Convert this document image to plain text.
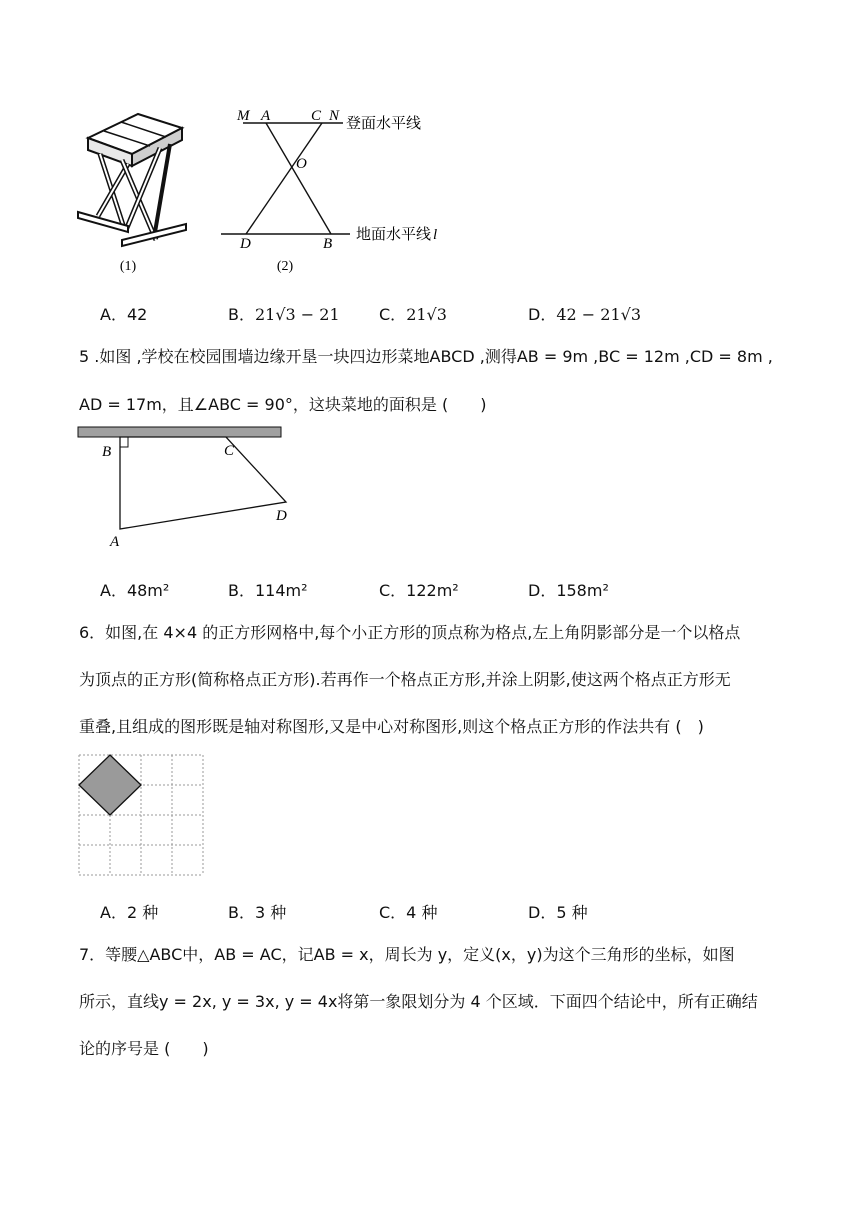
(1)
M A	C N
O
D	B
登面水平线
地面水平线 l
(2)
A．42	B．21√3 − 21 C．21√3	D．42 − 21√3
5 .如图 ,学校在校园围墙边缘开垦一块四边形菜地ABCD ,测得AB = 9m ,BC = 12m ,CD = 8m ,
AD = 17m，且∠ABC = 90°，这块菜地的面积是 (　　)
B	C
D
A
A．48m²	B．114m²	C．122m²	D．158m²
6．如图,在 4×4 的正方形网格中,每个小正方形的顶点称为格点,左上角阴影部分是一个以格点
为顶点的正方形(简称格点正方形).若再作一个格点正方形,并涂上阴影,使这两个格点正方形无
重叠,且组成的图形既是轴对称图形,又是中心对称图形,则这个格点正方形的作法共有 (　)
A．2 种	B．3 种	C．4 种	D．5 种
7．等腰△ABC中，AB = AC，记AB = x，周长为 y，定义(x，y)为这个三角形的坐标，如图
所示，直线y = 2x, y = 3x, y = 4x将第一象限划分为 4 个区域．下面四个结论中，所有正确结
论的序号是 (　　)
